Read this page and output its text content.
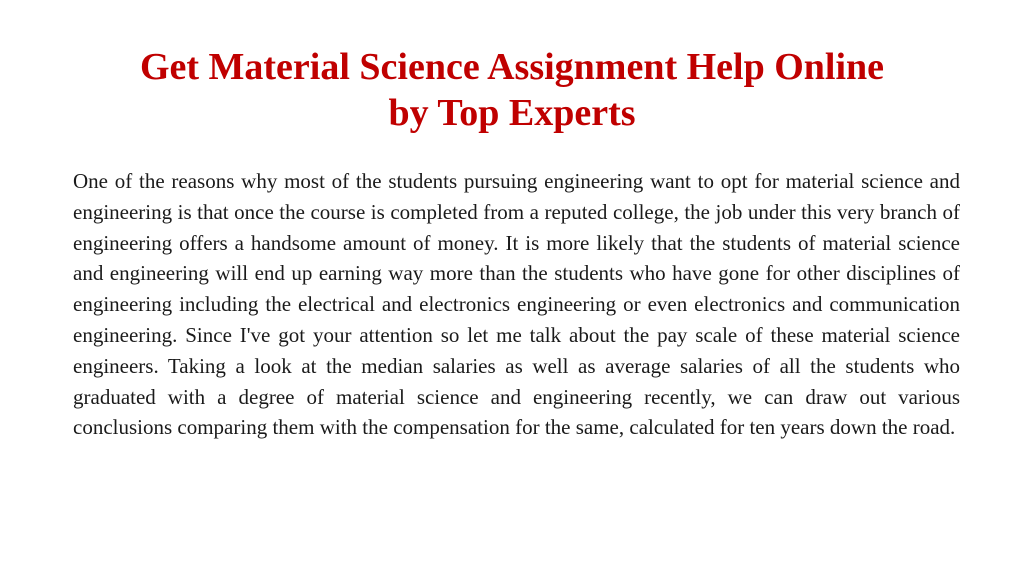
Get Material Science Assignment Help Online
by Top Experts

One of the reasons why most of the students pursuing engineering want to opt for material science and engineering is that once the course is completed from a reputed college, the job under this very branch of engineering offers a handsome amount of money. It is more likely that the students of material science and engineering will end up earning way more than the students who have gone for other disciplines of engineering including the electrical and electronics engineering or even electronics and communication engineering. Since I've got your attention so let me talk about the pay scale of these material science engineers. Taking a look at the median salaries as well as average salaries of all the students who graduated with a degree of material science and engineering recently, we can draw out various conclusions comparing them with the compensation for the same, calculated for ten years down the road.
